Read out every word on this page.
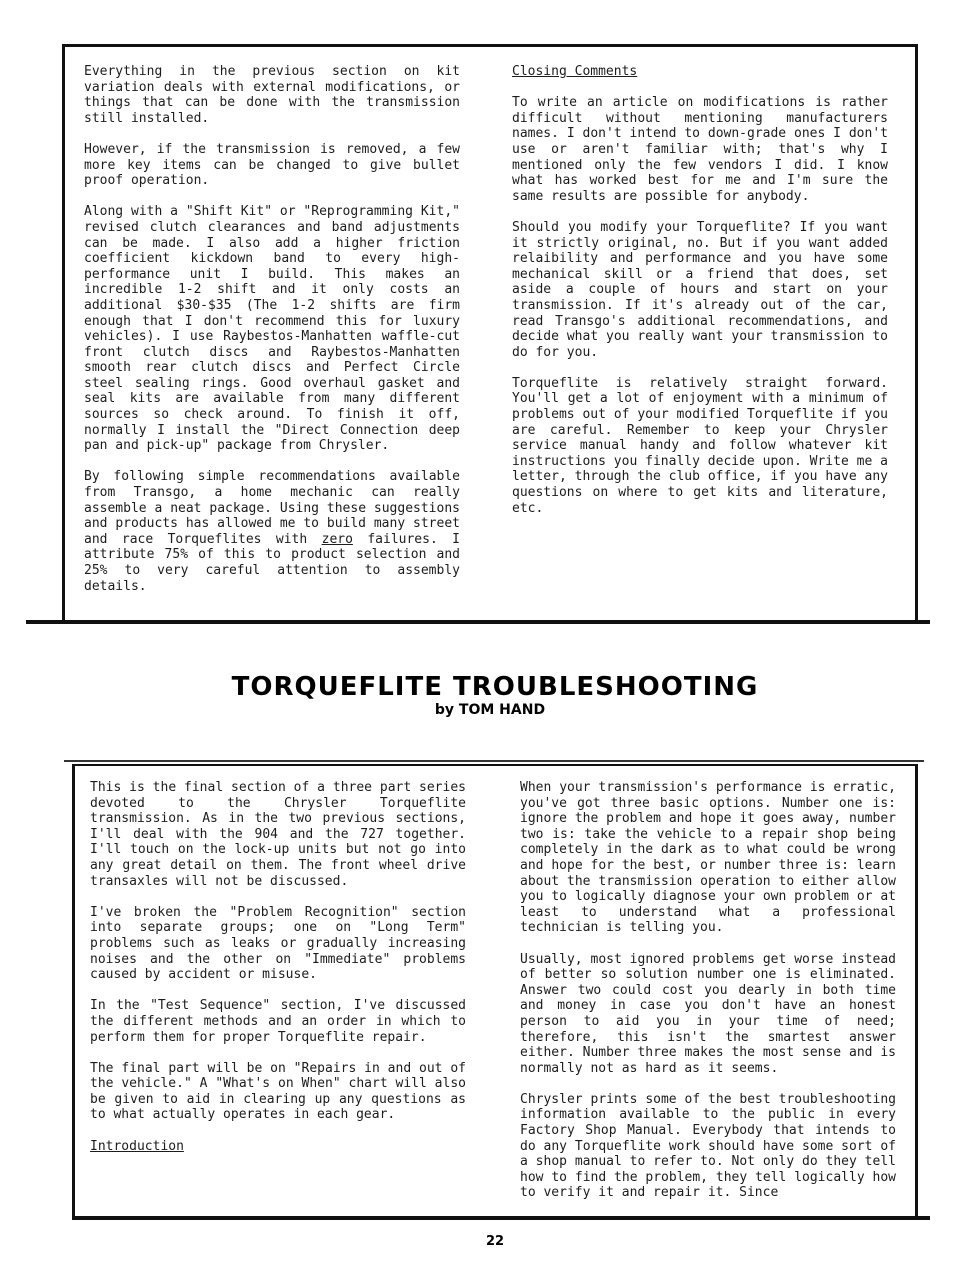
Everything in the previous section on kit variation deals with external modifications, or things that can be done with the transmission still installed.

However, if the transmission is removed, a few more key items can be changed to give bullet proof operation.

Along with a "Shift Kit" or "Reprogramming Kit," revised clutch clearances and band adjustments can be made. I also add a higher friction coefficient kickdown band to every high-performance unit I build. This makes an incredible 1-2 shift and it only costs an additional $30-$35 (The 1-2 shifts are firm enough that I don't recommend this for luxury vehicles). I use Raybestos-Manhatten waffle-cut front clutch discs and Raybestos-Manhatten smooth rear clutch discs and Perfect Circle steel sealing rings. Good overhaul gasket and seal kits are available from many different sources so check around. To finish it off, normally I install the "Direct Connection deep pan and pick-up" package from Chrysler.

By following simple recommendations available from Transgo, a home mechanic can really assemble a neat package. Using these suggestions and products has allowed me to build many street and race Torqueflites with zero failures. I attribute 75% of this to product selection and 25% to very careful attention to assembly details.

Closing Comments

To write an article on modifications is rather difficult without mentioning manufacturers names. I don't intend to down-grade ones I don't use or aren't familiar with; that's why I mentioned only the few vendors I did. I know what has worked best for me and I'm sure the same results are possible for anybody.

Should you modify your Torqueflite? If you want it strictly original, no. But if you want added relaibility and performance and you have some mechanical skill or a friend that does, set aside a couple of hours and start on your transmission. If it's already out of the car, read Transgo's additional recommendations, and decide what you really want your transmission to do for you.

Torqueflite is relatively straight forward. You'll get a lot of enjoyment with a minimum of problems out of your modified Torqueflite if you are careful. Remember to keep your Chrysler service manual handy and follow whatever kit instructions you finally decide upon. Write me a letter, through the club office, if you have any questions on where to get kits and literature, etc.

TORQUEFLITE TROUBLESHOOTING
by TOM HAND

This is the final section of a three part series devoted to the Chrysler Torqueflite transmission. As in the two previous sections, I'll deal with the 904 and the 727 together. I'll touch on the lock-up units but not go into any great detail on them. The front wheel drive transaxles will not be discussed.

I've broken the "Problem Recognition" section into separate groups; one on "Long Term" problems such as leaks or gradually increasing noises and the other on "Immediate" problems caused by accident or misuse.

In the "Test Sequence" section, I've discussed the different methods and an order in which to perform them for proper Torqueflite repair.

The final part will be on "Repairs in and out of the vehicle." A "What's on When" chart will also be given to aid in clearing up any questions as to what actually operates in each gear.

Introduction

When your transmission's performance is erratic, you've got three basic options. Number one is: ignore the problem and hope it goes away, number two is: take the vehicle to a repair shop being completely in the dark as to what could be wrong and hope for the best, or number three is: learn about the transmission operation to either allow you to logically diagnose your own problem or at least to understand what a professional technician is telling you.

Usually, most ignored problems get worse instead of better so solution number one is eliminated. Answer two could cost you dearly in both time and money in case you don't have an honest person to aid you in your time of need; therefore, this isn't the smartest answer either. Number three makes the most sense and is normally not as hard as it seems.

Chrysler prints some of the best troubleshooting information available to the public in every Factory Shop Manual. Everybody that intends to do any Torqueflite work should have some sort of a shop manual to refer to. Not only do they tell how to find the problem, they tell logically how to verify it and repair it. Since

22
